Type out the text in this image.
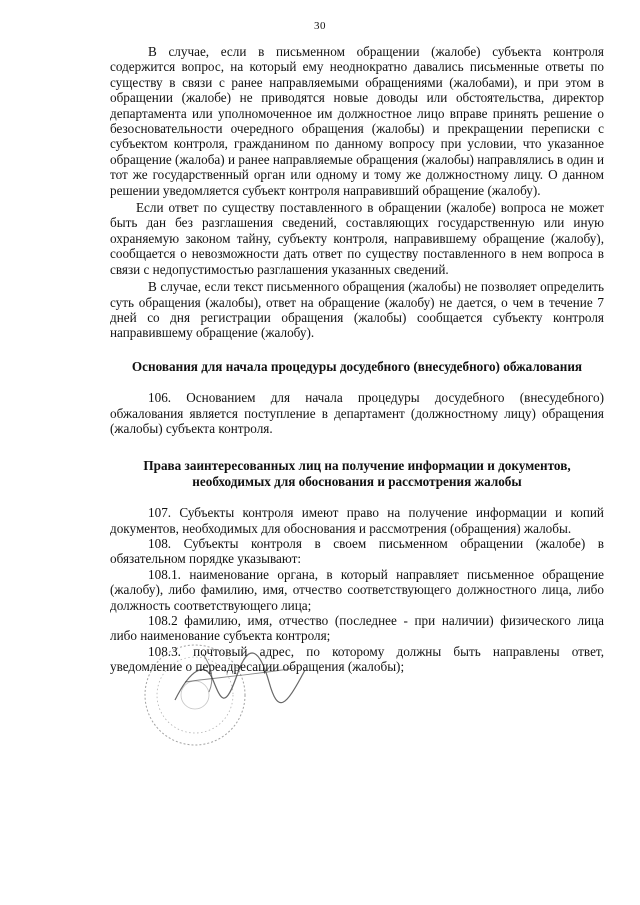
30

В случае, если в письменном обращении (жалобе) субъекта контроля содержится вопрос, на который ему неоднократно давались письменные ответы по существу в связи с ранее направляемыми обращениями (жалобами), и при этом в обращении (жалобе) не приводятся новые доводы или обстоятельства, директор департамента или уполномоченное им должностное лицо вправе принять решение о безосновательности очередного обращения (жалобы) и прекращении переписки с субъектом контроля, гражданином по данному вопросу при условии, что указанное обращение (жалоба) и ранее направляемые обращения (жалобы) направлялись в один и тот же государственный орган или одному и тому же должностному лицу. О данном решении уведомляется субъект контроля направивший обращение (жалобу).

Если ответ по существу поставленного в обращении (жалобе) вопроса не может быть дан без разглашения сведений, составляющих государственную или иную охраняемую законом тайну, субъекту контроля, направившему обращение (жалобу), сообщается о невозможности дать ответ по существу поставленного в нем вопроса в связи с недопустимостью разглашения указанных сведений.

В случае, если текст письменного обращения (жалобы) не позволяет определить суть обращения (жалобы), ответ на обращение (жалобу) не дается, о чем в течение 7 дней со дня регистрации обращения (жалобы) сообщается субъекту контроля направившему обращение (жалобу).

Основания для начала процедуры досудебного (внесудебного) обжалования

106. Основанием для начала процедуры досудебного (внесудебного) обжалования является поступление в департамент (должностному лицу) обращения (жалобы) субъекта контроля.

Права заинтересованных лиц на получение информации и документов, необходимых для обоснования и рассмотрения жалобы

107. Субъекты контроля имеют право на получение информации и копий документов, необходимых для обоснования и рассмотрения (обращения) жалобы.

108. Субъекты контроля в своем письменном обращении (жалобе) в обязательном порядке указывают:

108.1. наименование органа, в который направляет письменное обращение (жалобу), либо фамилию, имя, отчество соответствующего должностного лица, либо должность соответствующего лица;

108.2 фамилию, имя, отчество (последнее - при наличии) физического лица либо наименование субъекта контроля;

108.3. почтовый адрес, по которому должны быть направлены ответ, уведомление о переадресации обращения (жалобы);
